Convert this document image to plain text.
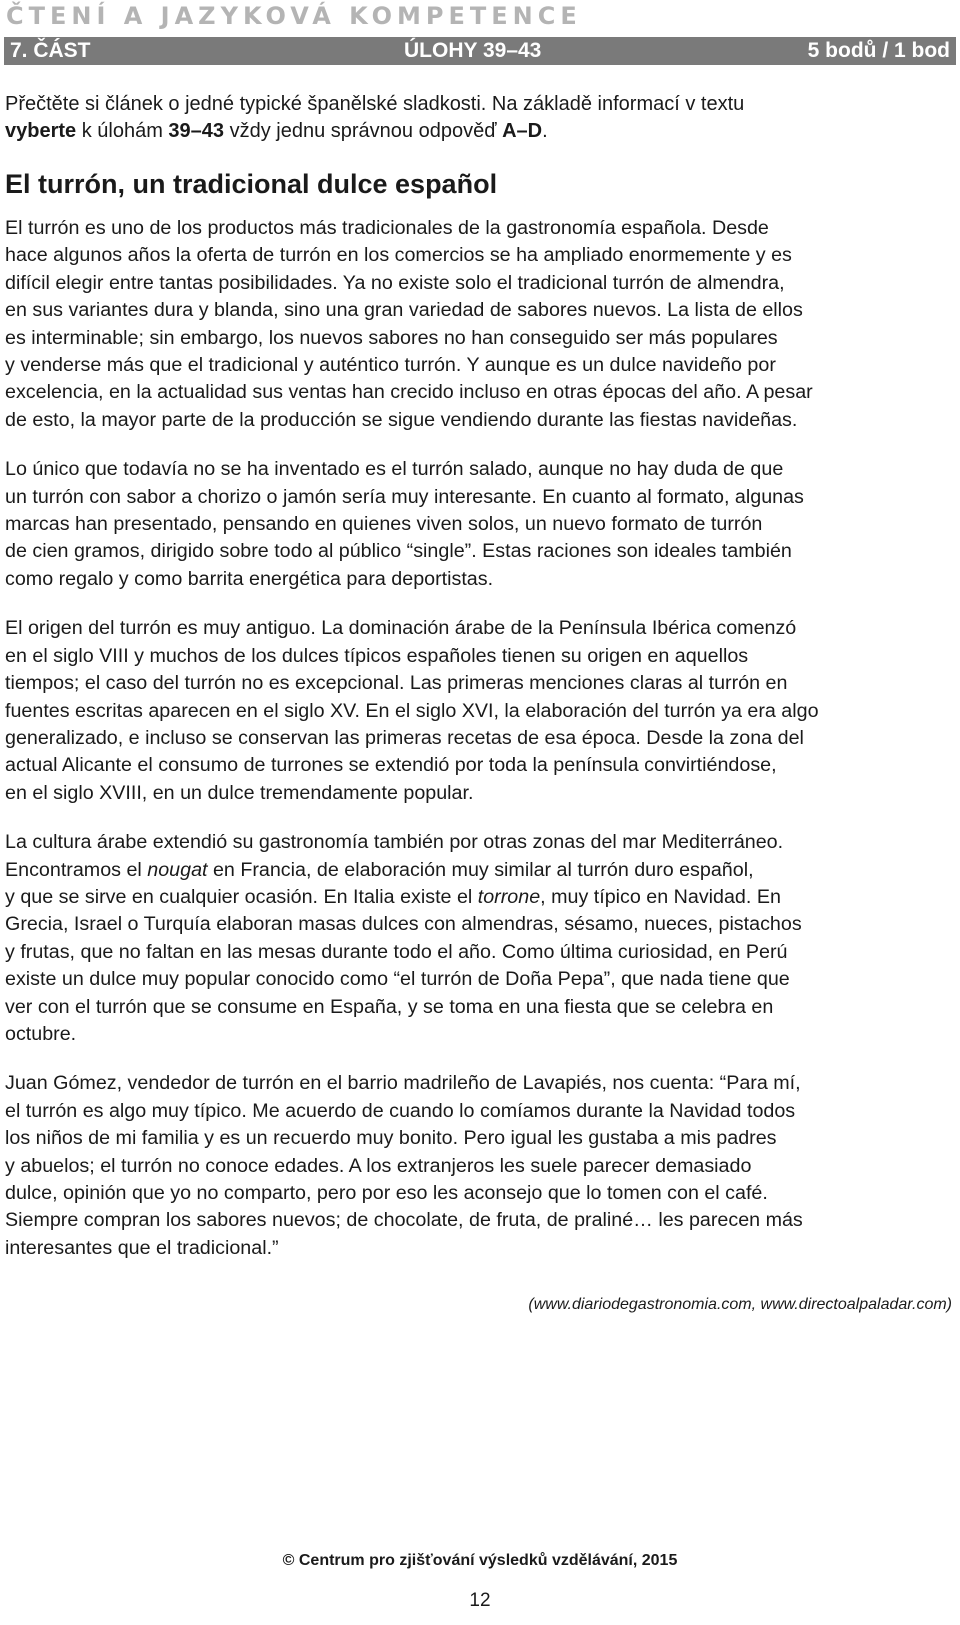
ČTENÍ A JAZYKOVÁ KOMPETENCE
7. ČÁST	ÚLOHY 39–43	5 bodů / 1 bod
Přečtěte si článek o jedné typické španělské sladkosti. Na základě informací v textu
vyberte k úlohám 39–43 vždy jednu správnou odpověď A–D.
El turrón, un tradicional dulce español

El turrón es uno de los productos más tradicionales de la gastronomía española. Desde
hace algunos años la oferta de turrón en los comercios se ha ampliado enormemente y es
difícil elegir entre tantas posibilidades. Ya no existe solo el tradicional turrón de almendra,
en sus variantes dura y blanda, sino una gran variedad de sabores nuevos. La lista de ellos
es interminable; sin embargo, los nuevos sabores no han conseguido ser más populares
y venderse más que el tradicional y auténtico turrón. Y aunque es un dulce navideño por
excelencia, en la actualidad sus ventas han crecido incluso en otras épocas del año. A pesar
de esto, la mayor parte de la producción se sigue vendiendo durante las fiestas navideñas.

Lo único que todavía no se ha inventado es el turrón salado, aunque no hay duda de que
un turrón con sabor a chorizo o jamón sería muy interesante. En cuanto al formato, algunas
marcas han presentado, pensando en quienes viven solos, un nuevo formato de turrón
de cien gramos, dirigido sobre todo al público “single”. Estas raciones son ideales también
como regalo y como barrita energética para deportistas.

El origen del turrón es muy antiguo. La dominación árabe de la Península Ibérica comenzó
en el siglo VIII y muchos de los dulces típicos españoles tienen su origen en aquellos
tiempos; el caso del turrón no es excepcional. Las primeras menciones claras al turrón en
fuentes escritas aparecen en el siglo XV. En el siglo XVI, la elaboración del turrón ya era algo
generalizado, e incluso se conservan las primeras recetas de esa época. Desde la zona del
actual Alicante el consumo de turrones se extendió por toda la península convirtiéndose,
en el siglo XVIII, en un dulce tremendamente popular.

La cultura árabe extendió su gastronomía también por otras zonas del mar Mediterráneo.
Encontramos el nougat en Francia, de elaboración muy similar al turrón duro español,
y que se sirve en cualquier ocasión. En Italia existe el torrone, muy típico en Navidad. En
Grecia, Israel o Turquía elaboran masas dulces con almendras, sésamo, nueces, pistachos
y frutas, que no faltan en las mesas durante todo el año. Como última curiosidad, en Perú
existe un dulce muy popular conocido como “el turrón de Doña Pepa”, que nada tiene que
ver con el turrón que se consume en España, y se toma en una fiesta que se celebra en
octubre.

Juan Gómez, vendedor de turrón en el barrio madrileño de Lavapiés, nos cuenta: “Para mí,
el turrón es algo muy típico. Me acuerdo de cuando lo comíamos durante la Navidad todos
los niños de mi familia y es un recuerdo muy bonito. Pero igual les gustaba a mis padres
y abuelos; el turrón no conoce edades. A los extranjeros les suele parecer demasiado
dulce, opinión que yo no comparto, pero por eso les aconsejo que lo tomen con el café.
Siempre compran los sabores nuevos; de chocolate, de fruta, de praliné… les parecen más
interesantes que el tradicional.”

(www.diariodegastronomia.com, www.directoalpaladar.com)
© Centrum pro zjišťování výsledků vzdělávání, 2015
12
